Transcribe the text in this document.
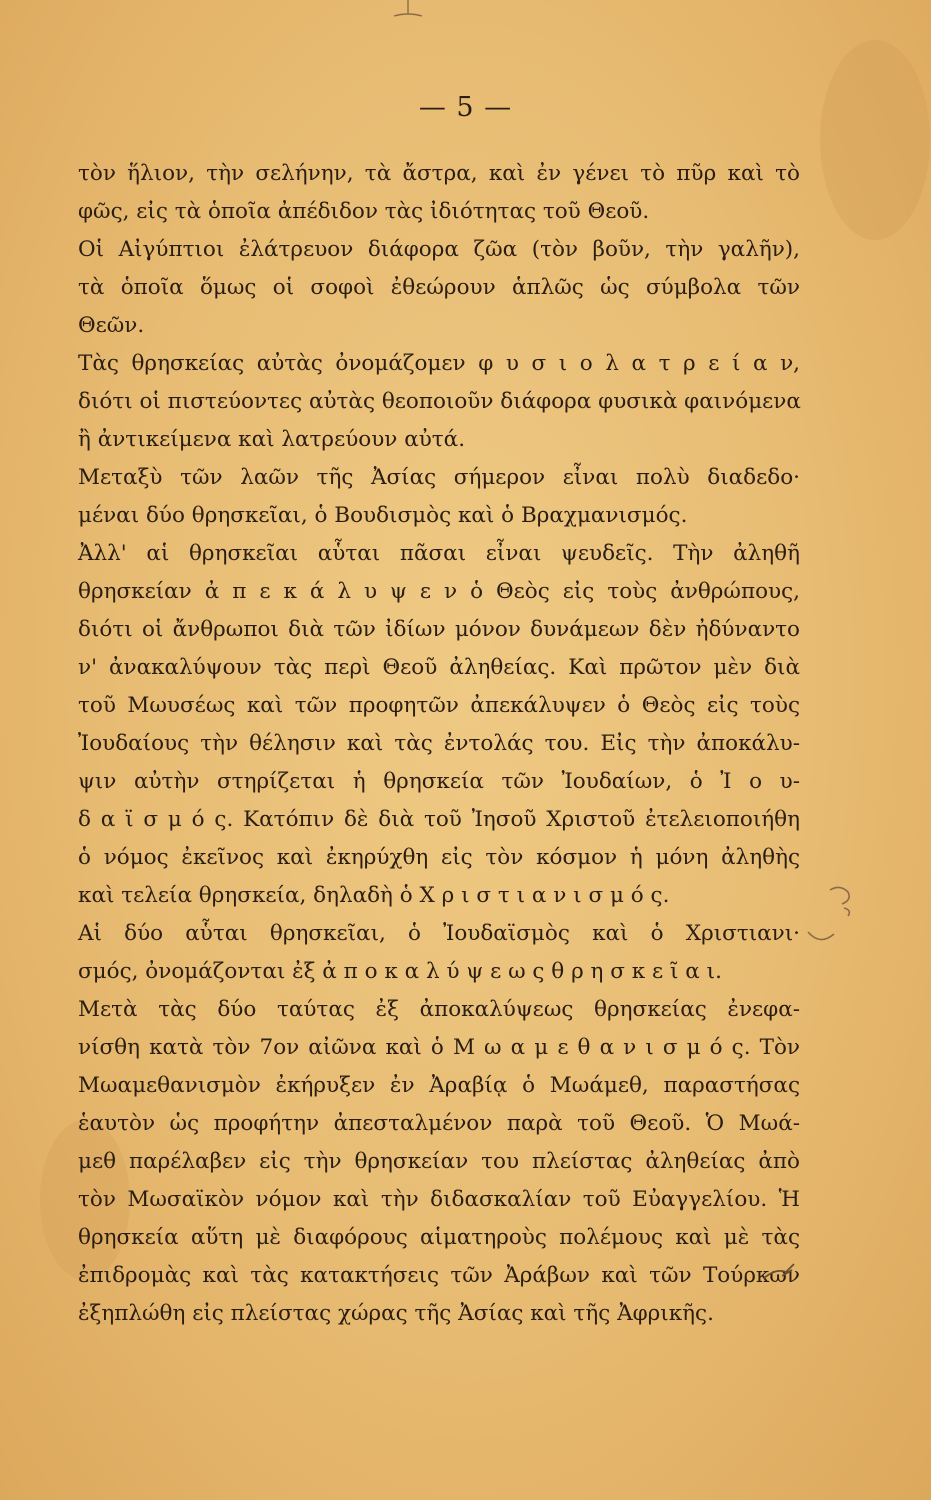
— 5 —
τὸν ἥλιον, τὴν σελήνην, τὰ ἄστρα, καὶ ἐν γένει τὸ πῦρ καὶ τὸ
φῶς, εἰς τὰ ὁποῖα ἀπέδιδον τὰς ἰδιότητας τοῦ Θεοῦ.
Οἱ Αἰγύπτιοι ἐλάτρευον διάφορα ζῶα (τὸν βοῦν, τὴν γαλῆν),
τὰ ὁποῖα ὅμως οἱ σοφοὶ ἐθεώρουν ἁπλῶς ὡς σύμβολα τῶν
Θεῶν.
Τὰς θρησκείας αὐτὰς ὀνομάζομεν φ υ σ ι ο λ α τ ρ ε ί α ν,
διότι οἱ πιστεύοντες αὐτὰς θεοποιοῦν διάφορα φυσικὰ φαινόμενα
ἢ ἀντικείμενα καὶ λατρεύουν αὐτά.
Μεταξὺ τῶν λαῶν τῆς Ἀσίας σήμερον εἶναι πολὺ διαδεδο·
μέναι δύο θρησκεῖαι, ὁ Βουδισμὸς καὶ ὁ Βραχμανισμός.
Ἀλλ' αἱ θρησκεῖαι αὗται πᾶσαι εἶναι ψευδεῖς. Τὴν ἀληθῆ
θρησκείαν ἀ π ε κ ά λ υ ψ ε ν ὁ Θεὸς εἰς τοὺς ἀνθρώπους,
διότι οἱ ἄνθρωποι διὰ τῶν ἰδίων μόνον δυνάμεων δὲν ἠδύναντο
ν' ἀνακαλύψουν τὰς περὶ Θεοῦ ἀληθείας. Καὶ πρῶτον μὲν διὰ
τοῦ Μωυσέως καὶ τῶν προφητῶν ἀπεκάλυψεν ὁ Θεὸς εἰς τοὺς
Ἰουδαίους τὴν θέλησιν καὶ τὰς ἐντολάς του. Εἰς τὴν ἀποκάλυ-
ψιν αὐτὴν στηρίζεται ἡ θρησκεία τῶν Ἰουδαίων, ὁ Ἰ ο υ-
δ α ϊ σ μ ό ς. Κατόπιν δὲ διὰ τοῦ Ἰησοῦ Χριστοῦ ἐτελειοποιήθη
ὁ νόμος ἐκεῖνος καὶ ἐκηρύχθη εἰς τὸν κόσμον ἡ μόνη ἀληθὴς
καὶ τελεία θρησκεία, δηλαδὴ ὁ Χ ρ ι σ τ ι α ν ι σ μ ό ς.
Αἱ δύο αὗται θρησκεῖαι, ὁ Ἰουδαϊσμὸς καὶ ὁ Χριστιανι·
σμός, ὀνομάζονται ἐξ ἀ π ο κ α λ ύ ψ ε ω ς θ ρ η σ κ ε ῖ α ι.
Μετὰ τὰς δύο ταύτας ἐξ ἀποκαλύψεως θρησκείας ἐνεφα-
νίσθη κατὰ τὸν 7ον αἰῶνα καὶ ὁ Μ ω α μ ε θ α ν ι σ μ ό ς. Τὸν
Μωαμεθανισμὸν ἐκήρυξεν ἐν Ἀραβίᾳ ὁ Μωάμεθ, παραστήσας
ἑαυτὸν ὡς προφήτην ἀπεσταλμένον παρὰ τοῦ Θεοῦ. Ὁ Μωά-
μεθ παρέλαβεν εἰς τὴν θρησκείαν του πλείστας ἀληθείας ἀπὸ
τὸν Μωσαϊκὸν νόμον καὶ τὴν διδασκαλίαν τοῦ Εὐαγγελίου. Ἡ
θρησκεία αὕτη μὲ διαφόρους αἱματηροὺς πολέμους καὶ μὲ τὰς
ἐπιδρομὰς καὶ τὰς κατακτήσεις τῶν Ἀράβων καὶ τῶν Τούρκων
ἐξηπλώθη εἰς πλείστας χώρας τῆς Ἀσίας καὶ τῆς Ἀφρικῆς.
